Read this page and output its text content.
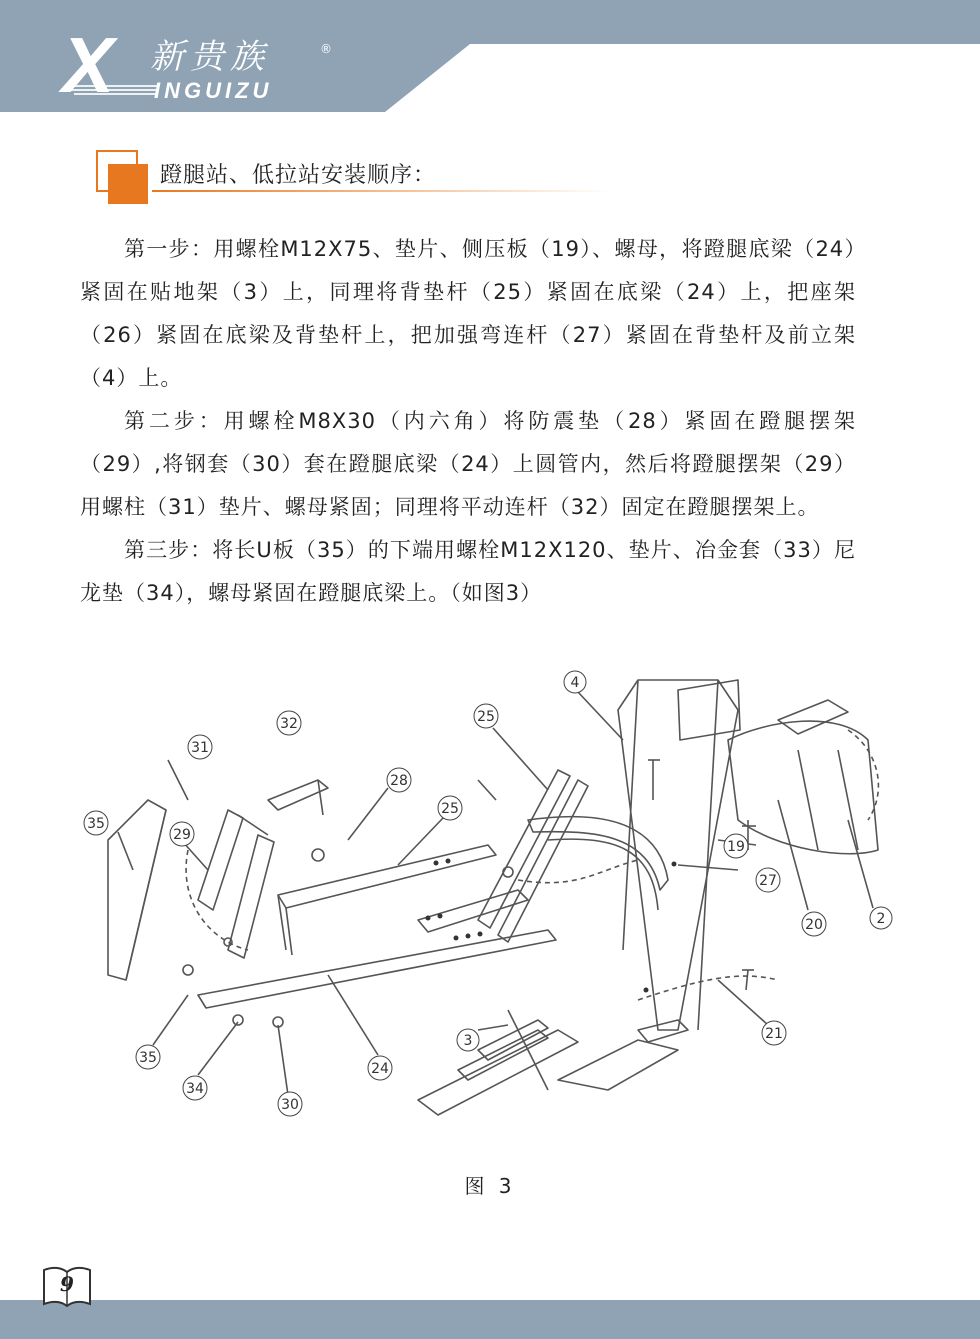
X 新贵族	®
INGUIZU
蹬腿站、低拉站安装顺序：

第一步：用螺栓M12X75、垫片、侧压板（19）、螺母，将蹬腿底梁（24）紧固在贴地架（3）上，同理将背垫杆（25）紧固在底梁（24）上，把座架（26）紧固在底梁及背垫杆上，把加强弯连杆（27）紧固在背垫杆及前立架（4）上。

第二步：用螺栓M8X30（内六角）将防震垫（28）紧固在蹬腿摆架（29）,将钢套（30）套在蹬腿底梁（24）上圆管内，然后将蹬腿摆架（29）用螺柱（31）垫片、螺母紧固；同理将平动连杆（32）固定在蹬腿摆架上。

第三步：将长U板（35）的下端用螺栓M12X120、垫片、冶金套（33）尼龙垫（34），螺母紧固在蹬腿底梁上。（如图3）

2
3
4
19
20
21
24
25
25
27
28
29
30
31
32
34
35
35
图 3
9
